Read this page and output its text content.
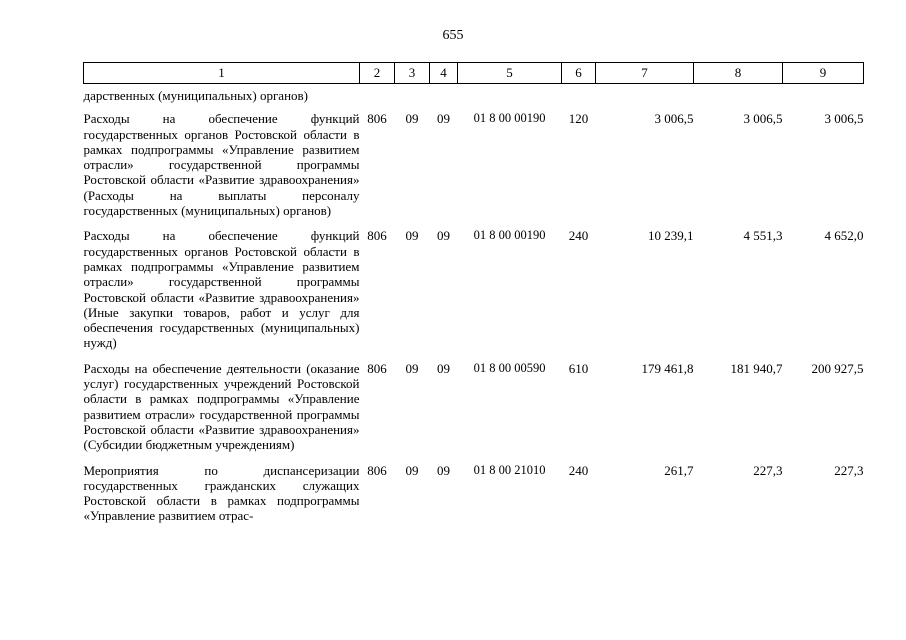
655
1	2	3	4	5	6	7	8	9
дарственных (муниципальных) органов)								
Расходы на обеспечение функций государственных органов Ростовской области в рамках подпрограммы «Управление развитием отрасли» государственной программы Ростовской области «Развитие здравоохранения» (Расходы на выплаты персоналу государственных (муниципальных) органов)	806	09	09	01 8 00 00190	120	3 006,5	3 006,5	3 006,5
Расходы на обеспечение функций государственных органов Ростовской области в рамках подпрограммы «Управление развитием отрасли» государственной программы Ростовской области «Развитие здравоохранения» (Иные закупки товаров, работ и услуг для обеспечения государственных (муниципальных) нужд)	806	09	09	01 8 00 00190	240	10 239,1	4 551,3	4 652,0
Расходы на обеспечение деятельности (оказание услуг) государственных учреждений Ростовской области в рамках подпрограммы «Управление развитием отрасли» государственной программы Ростовской области «Развитие здравоохранения» (Субсидии бюджетным учреждениям)	806	09	09	01 8 00 00590	610	179 461,8	181 940,7	200 927,5
Мероприятия по диспансеризации государственных гражданских служащих Ростовской области в рамках подпрограммы «Управление развитием отрас-	806	09	09	01 8 00 21010	240	261,7	227,3	227,3
